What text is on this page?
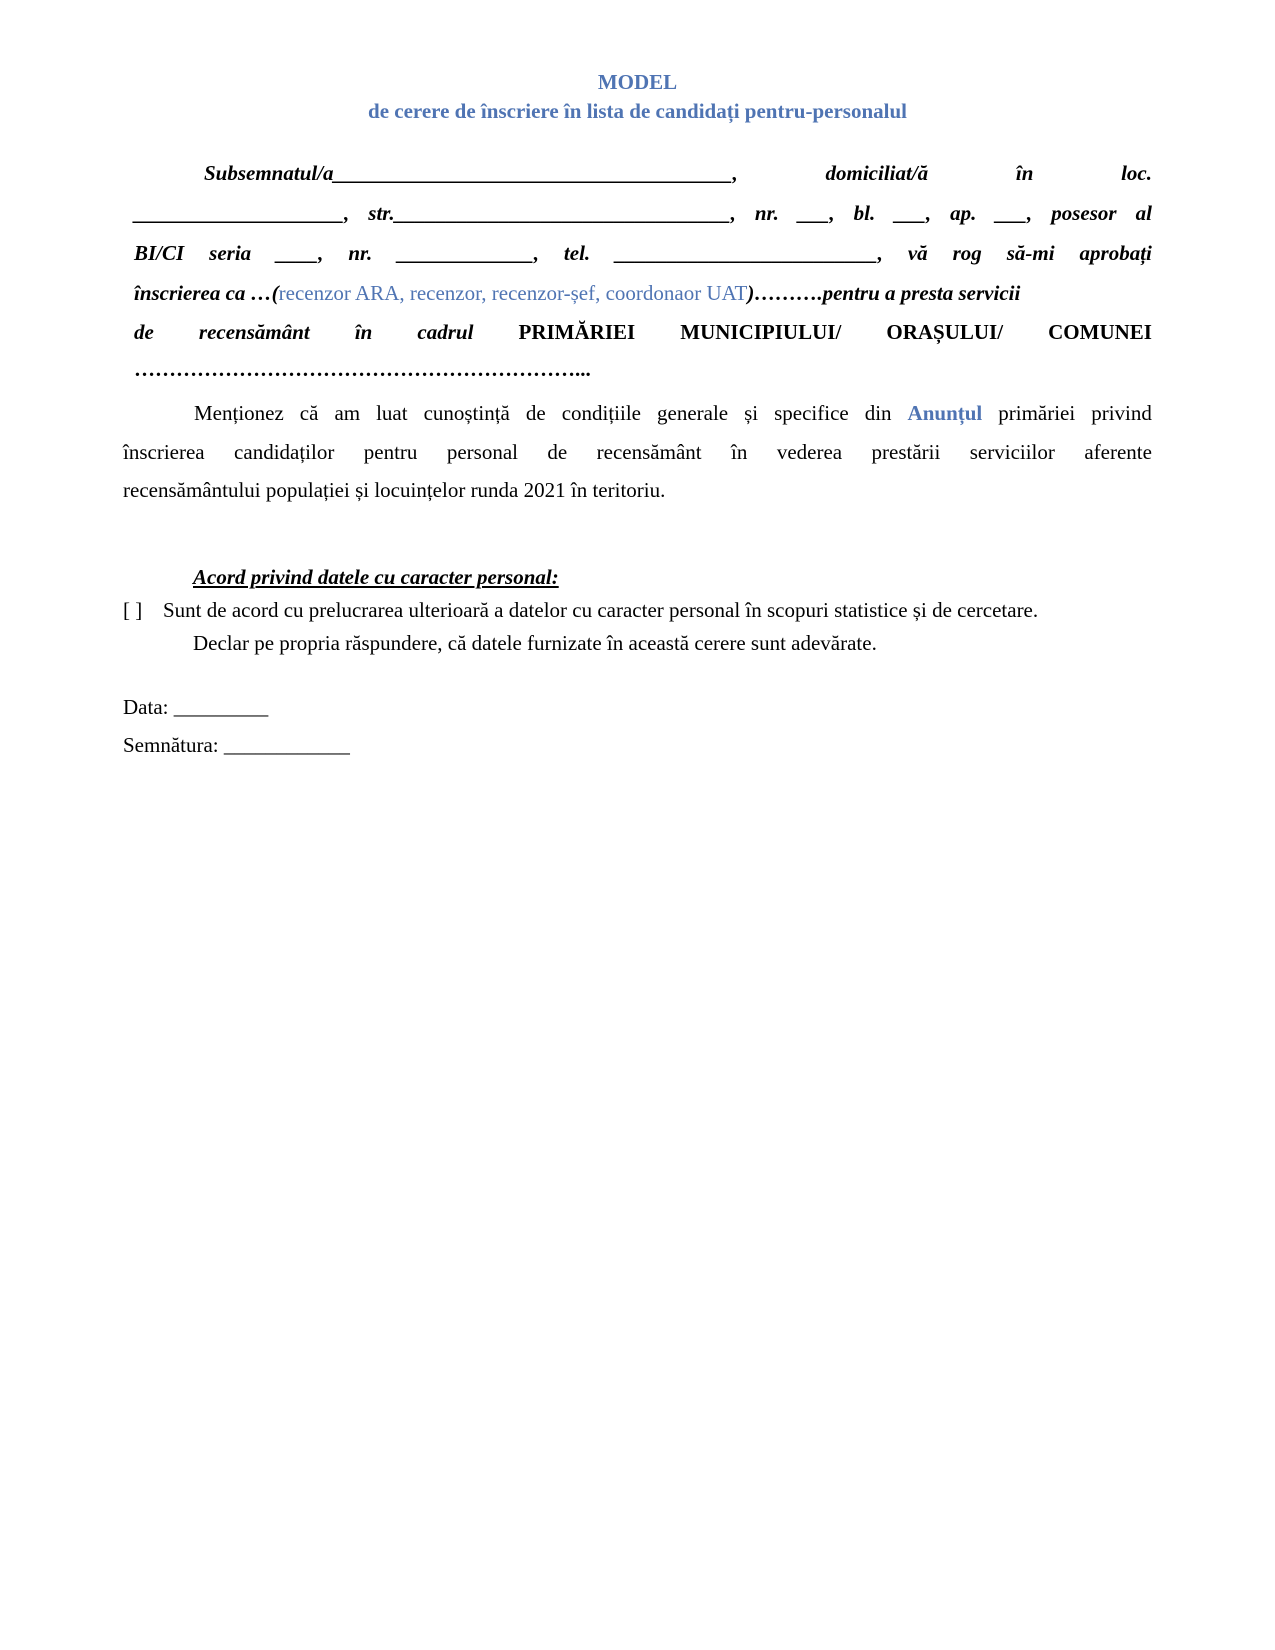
MODEL
de cerere de înscriere în lista de candidați pentru-personalul
Subsemnatul/a______________________________________,	domiciliat/ă	în	loc.
____________________, str.________________________________, nr. ___, bl. ___, ap. ___, posesor al
BI/CI seria ____, nr. _____________, tel. _________________________, vă rog să-mi aprobați
înscrierea ca …(recenzor ARA, recenzor, recenzor-șef, coordonaor UAT)……….pentru a presta servicii
de recensământ în cadrul PRIMĂRIEI MUNICIPIULUI/ ORAȘULUI/ COMUNEI
………………………………………………………...
Menționez că am luat cunoștință de condițiile generale și specifice din Anunțul primăriei privind
înscrierea candidaților pentru personal de recensământ în vederea prestării serviciilor aferente
recensământului populației și locuințelor runda 2021 în teritoriu.
Acord privind datele cu caracter personal:
[ ] Sunt de acord cu prelucrarea ulterioară a datelor cu caracter personal în scopuri statistice și de cercetare.
Declar pe propria răspundere, că datele furnizate în această cerere sunt adevărate.
Data: _________
Semnătura: ____________
